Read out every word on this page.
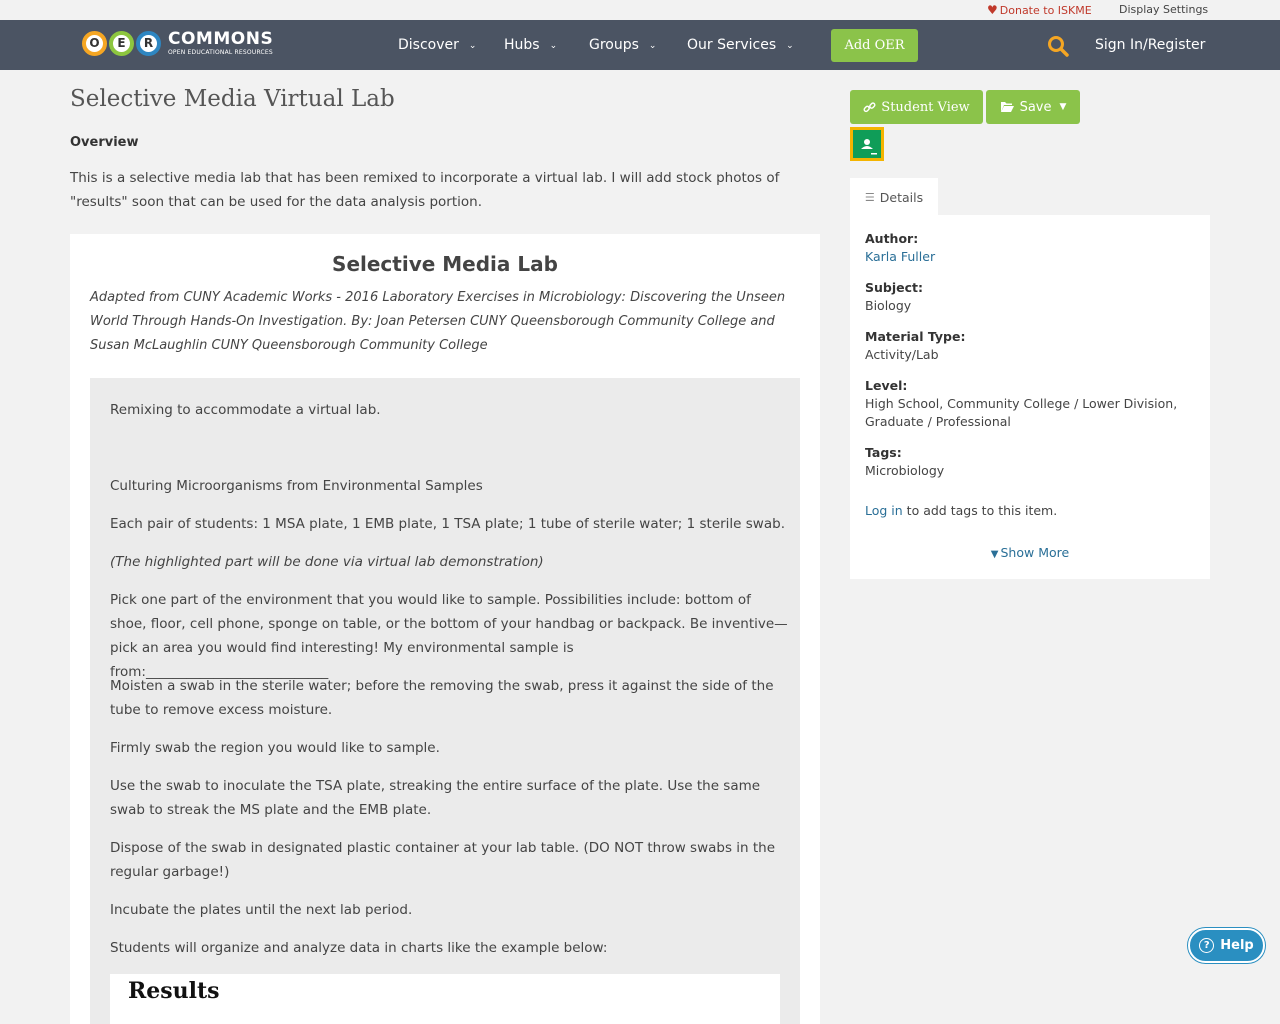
♥ Donate to ISKME Display Settings
O	E	R COMMONS
OPEN EDUCATIONAL RESOURCES	Discover ⌄ Hubs ⌄ Groups ⌄ Our Services ⌄	Add OER	Sign In/Register
Selective Media Virtual Lab
Overview

This is a selective media lab that has been remixed to incorporate a virtual lab. I will add stock photos of "results" soon that can be used for the data analysis portion.

Selective Media Lab

Adapted from CUNY Academic Works - 2016 Laboratory Exercises in Microbiology: Discovering the Unseen World Through Hands-On Investigation. By: Joan Petersen CUNY Queensborough Community College and Susan McLaughlin CUNY Queensborough Community College

Remixing to accommodate a virtual lab.

Culturing Microorganisms from Environmental Samples

Each pair of students: 1 MSA plate, 1 EMB plate, 1 TSA plate; 1 tube of sterile water; 1 sterile swab.

(The highlighted part will be done via virtual lab demonstration)

Pick one part of the environment that you would like to sample. Possibilities include: bottom of shoe, floor, cell phone, sponge on table, or the bottom of your handbag or backpack. Be inventive—pick an area you would find interesting! My environmental sample is from:___________________________

Moisten a swab in the sterile water; before the removing the swab, press it against the side of the tube to remove excess moisture.

Firmly swab the region you would like to sample.

Use the swab to inoculate the TSA plate, streaking the entire surface of the plate. Use the same swab to streak the MS plate and the EMB plate.

Dispose of the swab in designated plastic container at your lab table. (DO NOT throw swabs in the regular garbage!)

Incubate the plates until the next lab period.

Students will organize and analyze data in charts like the example below:

Results
Student View	Save ▼
☰ Details
Author:
Karla Fuller
Subject:
Biology
Material Type:
Activity/Lab
Level:
High School, Community College / Lower Division, Graduate / Professional
Tags:
Microbiology
Log in to add tags to this item.
▼ Show More
? Help
